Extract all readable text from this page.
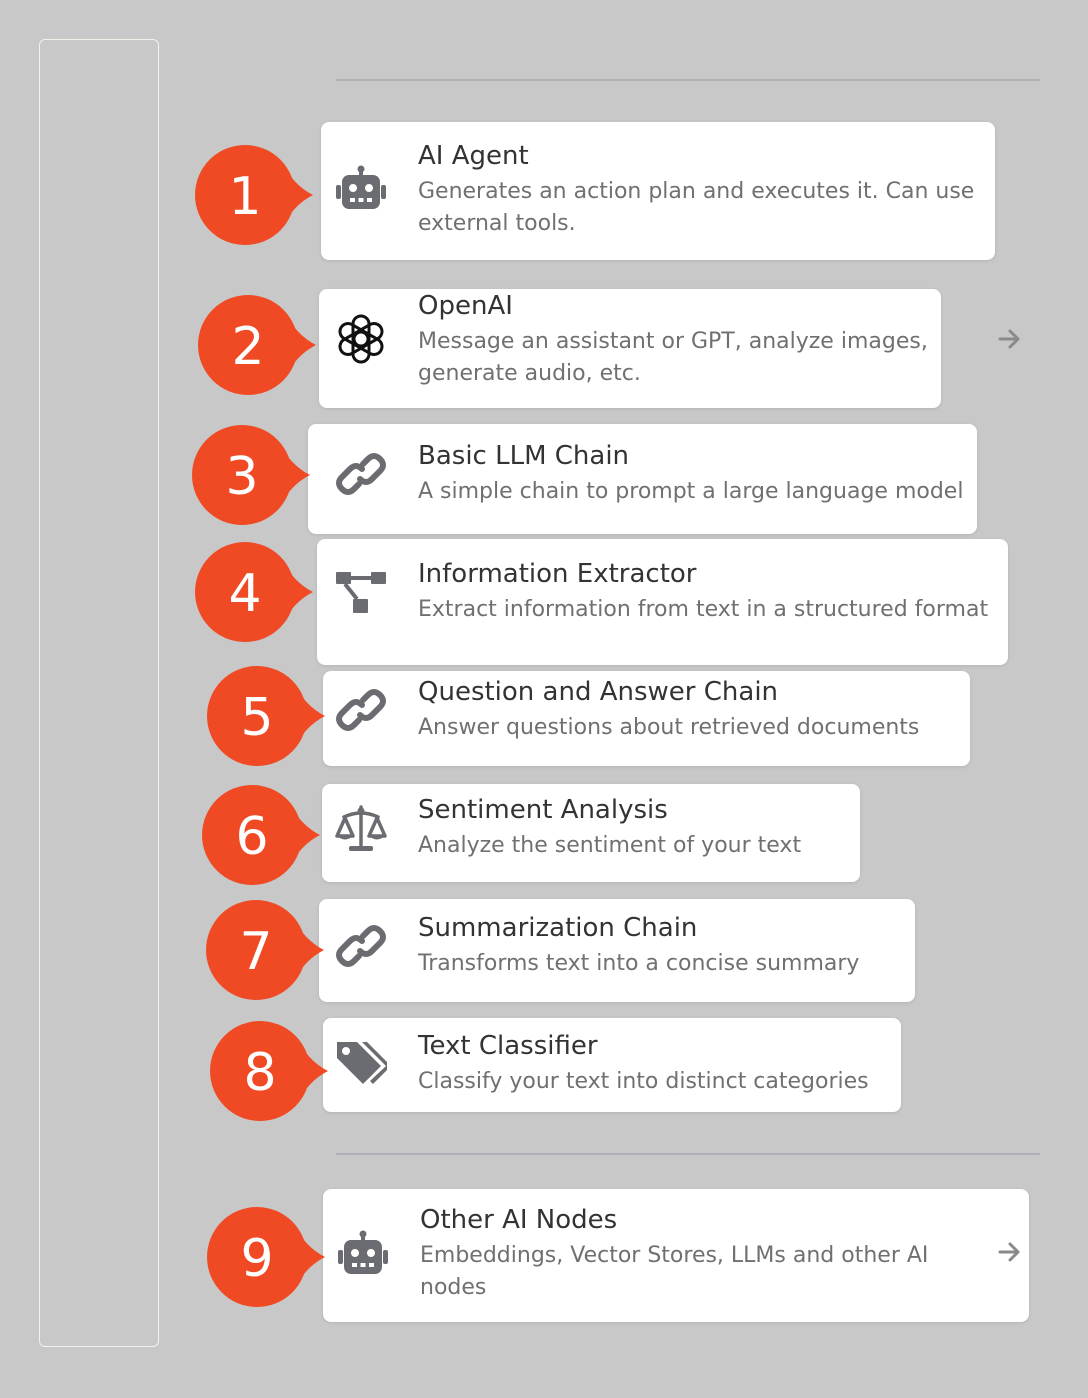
AI Agent
Generates an action plan and executes it. Can use
external tools.
1
OpenAI
Message an assistant or GPT, analyze images,
generate audio, etc.
2
Basic LLM Chain
A simple chain to prompt a large language model
3
Information Extractor
Extract information from text in a structured format
4
Question and Answer Chain
Answer questions about retrieved documents
5
Sentiment Analysis
Analyze the sentiment of your text
6
Summarization Chain
Transforms text into a concise summary
7
Text Classifier
Classify your text into distinct categories
8
Other AI Nodes
Embeddings, Vector Stores, LLMs and other AI
nodes
9
